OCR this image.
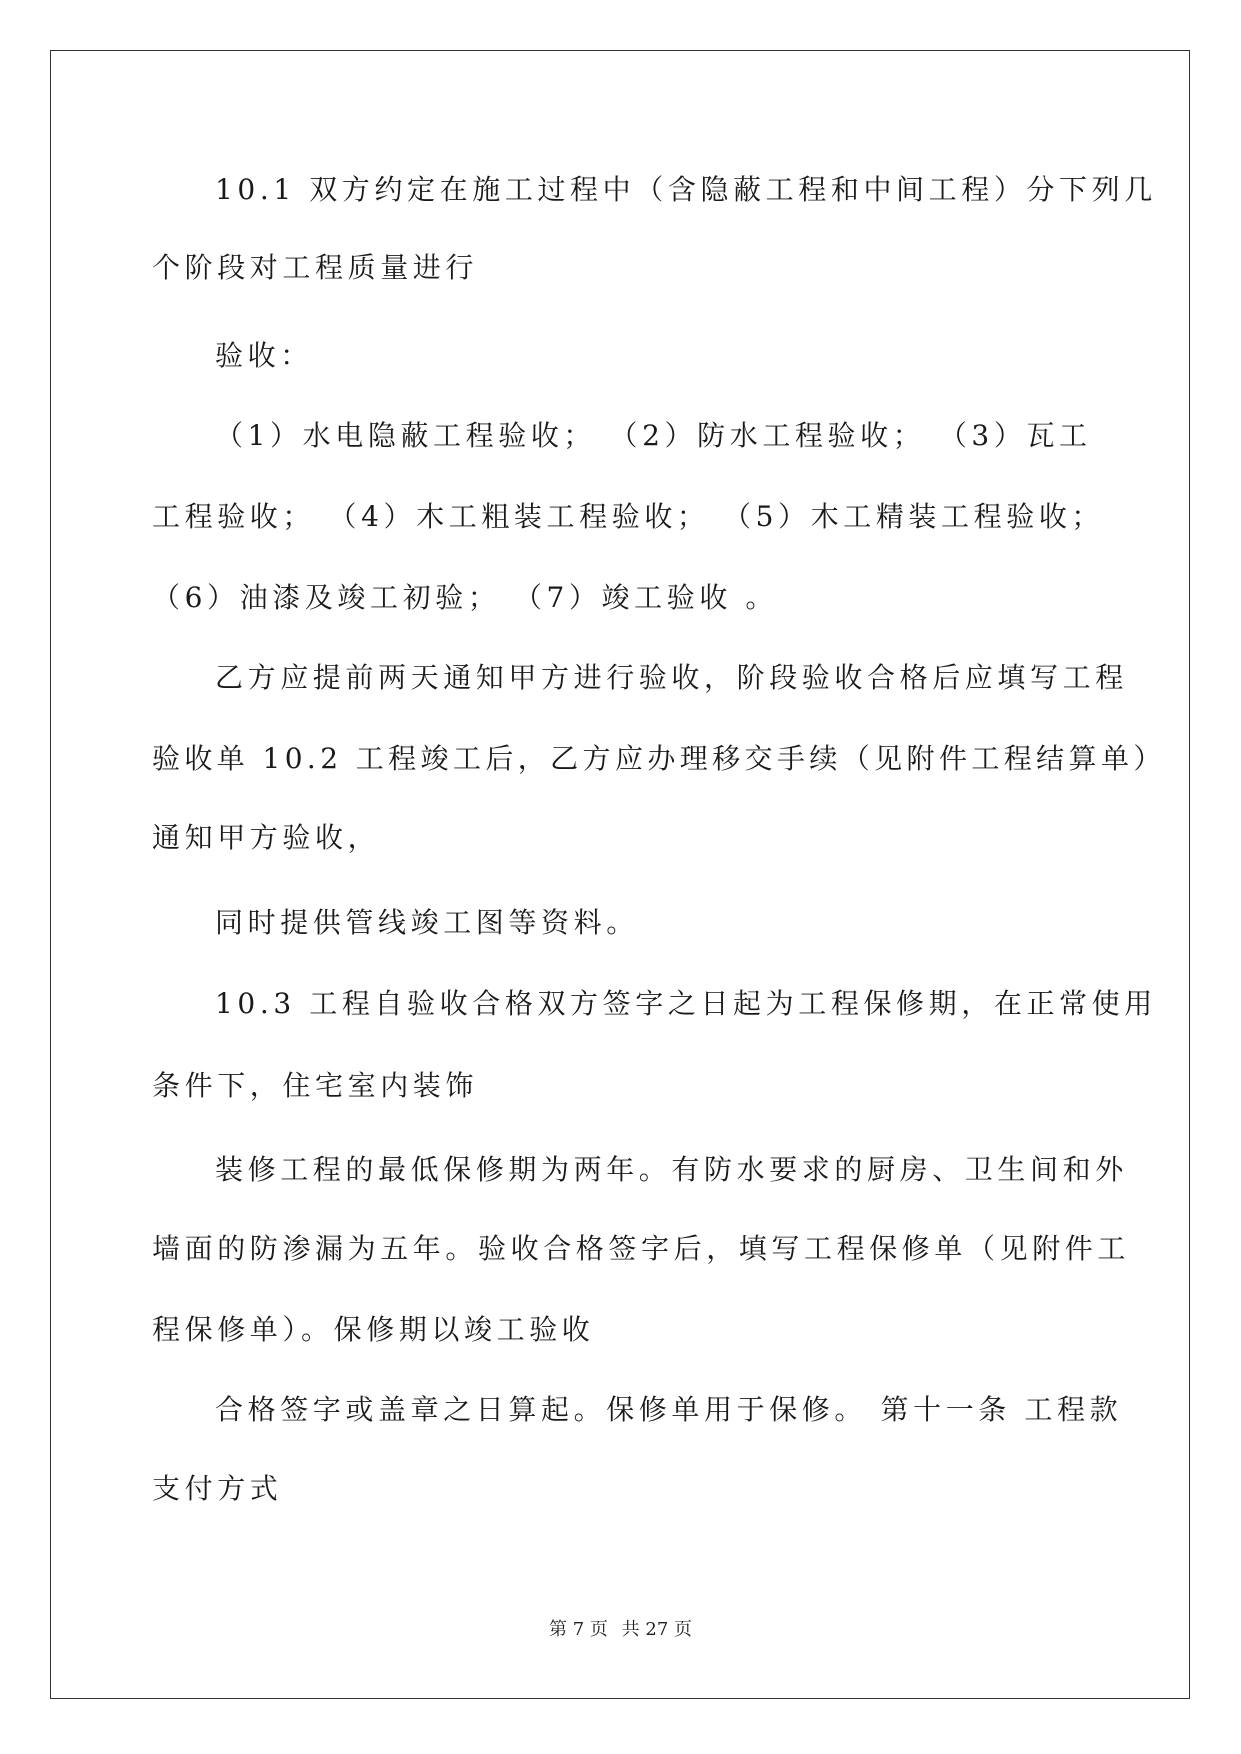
10.1 双方约定在施工过程中（含隐蔽工程和中间工程）分下列几
个阶段对工程质量进行
验收：
（1）水电隐蔽工程验收； （2）防水工程验收； （3）瓦工
工程验收； （4）木工粗装工程验收； （5）木工精装工程验收；
（6）油漆及竣工初验； （7）竣工验收 。
乙方应提前两天通知甲方进行验收，阶段验收合格后应填写工程
验收单 10.2 工程竣工后，乙方应办理移交手续（见附件工程结算单）
通知甲方验收，
同时提供管线竣工图等资料。
10.3 工程自验收合格双方签字之日起为工程保修期，在正常使用
条件下，住宅室内装饰
装修工程的最低保修期为两年。有防水要求的厨房、卫生间和外
墙面的防渗漏为五年。验收合格签字后，填写工程保修单（见附件工
程保修单）。保修期以竣工验收
合格签字或盖章之日算起。保修单用于保修。 第十一条 工程款
支付方式
第 7 页 共 27 页
